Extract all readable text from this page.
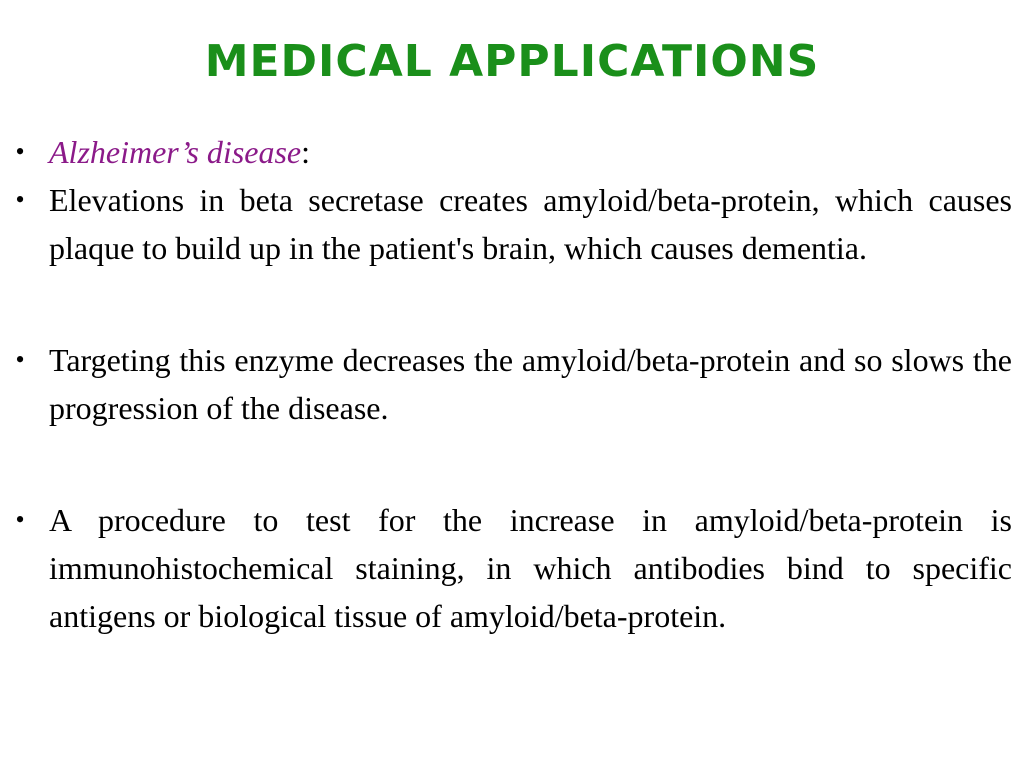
MEDICAL APPLICATIONS
• Alzheimer’s disease:
• Elevations in beta secretase creates amyloid/beta-protein, which causes plaque to build up in the patient's brain, which causes dementia.
• Targeting this enzyme decreases the amyloid/beta-protein and so slows the progression of the disease.
• A procedure to test for the increase in amyloid/beta-protein is immunohistochemical staining, in which antibodies bind to specific antigens or biological tissue of amyloid/beta-protein.
